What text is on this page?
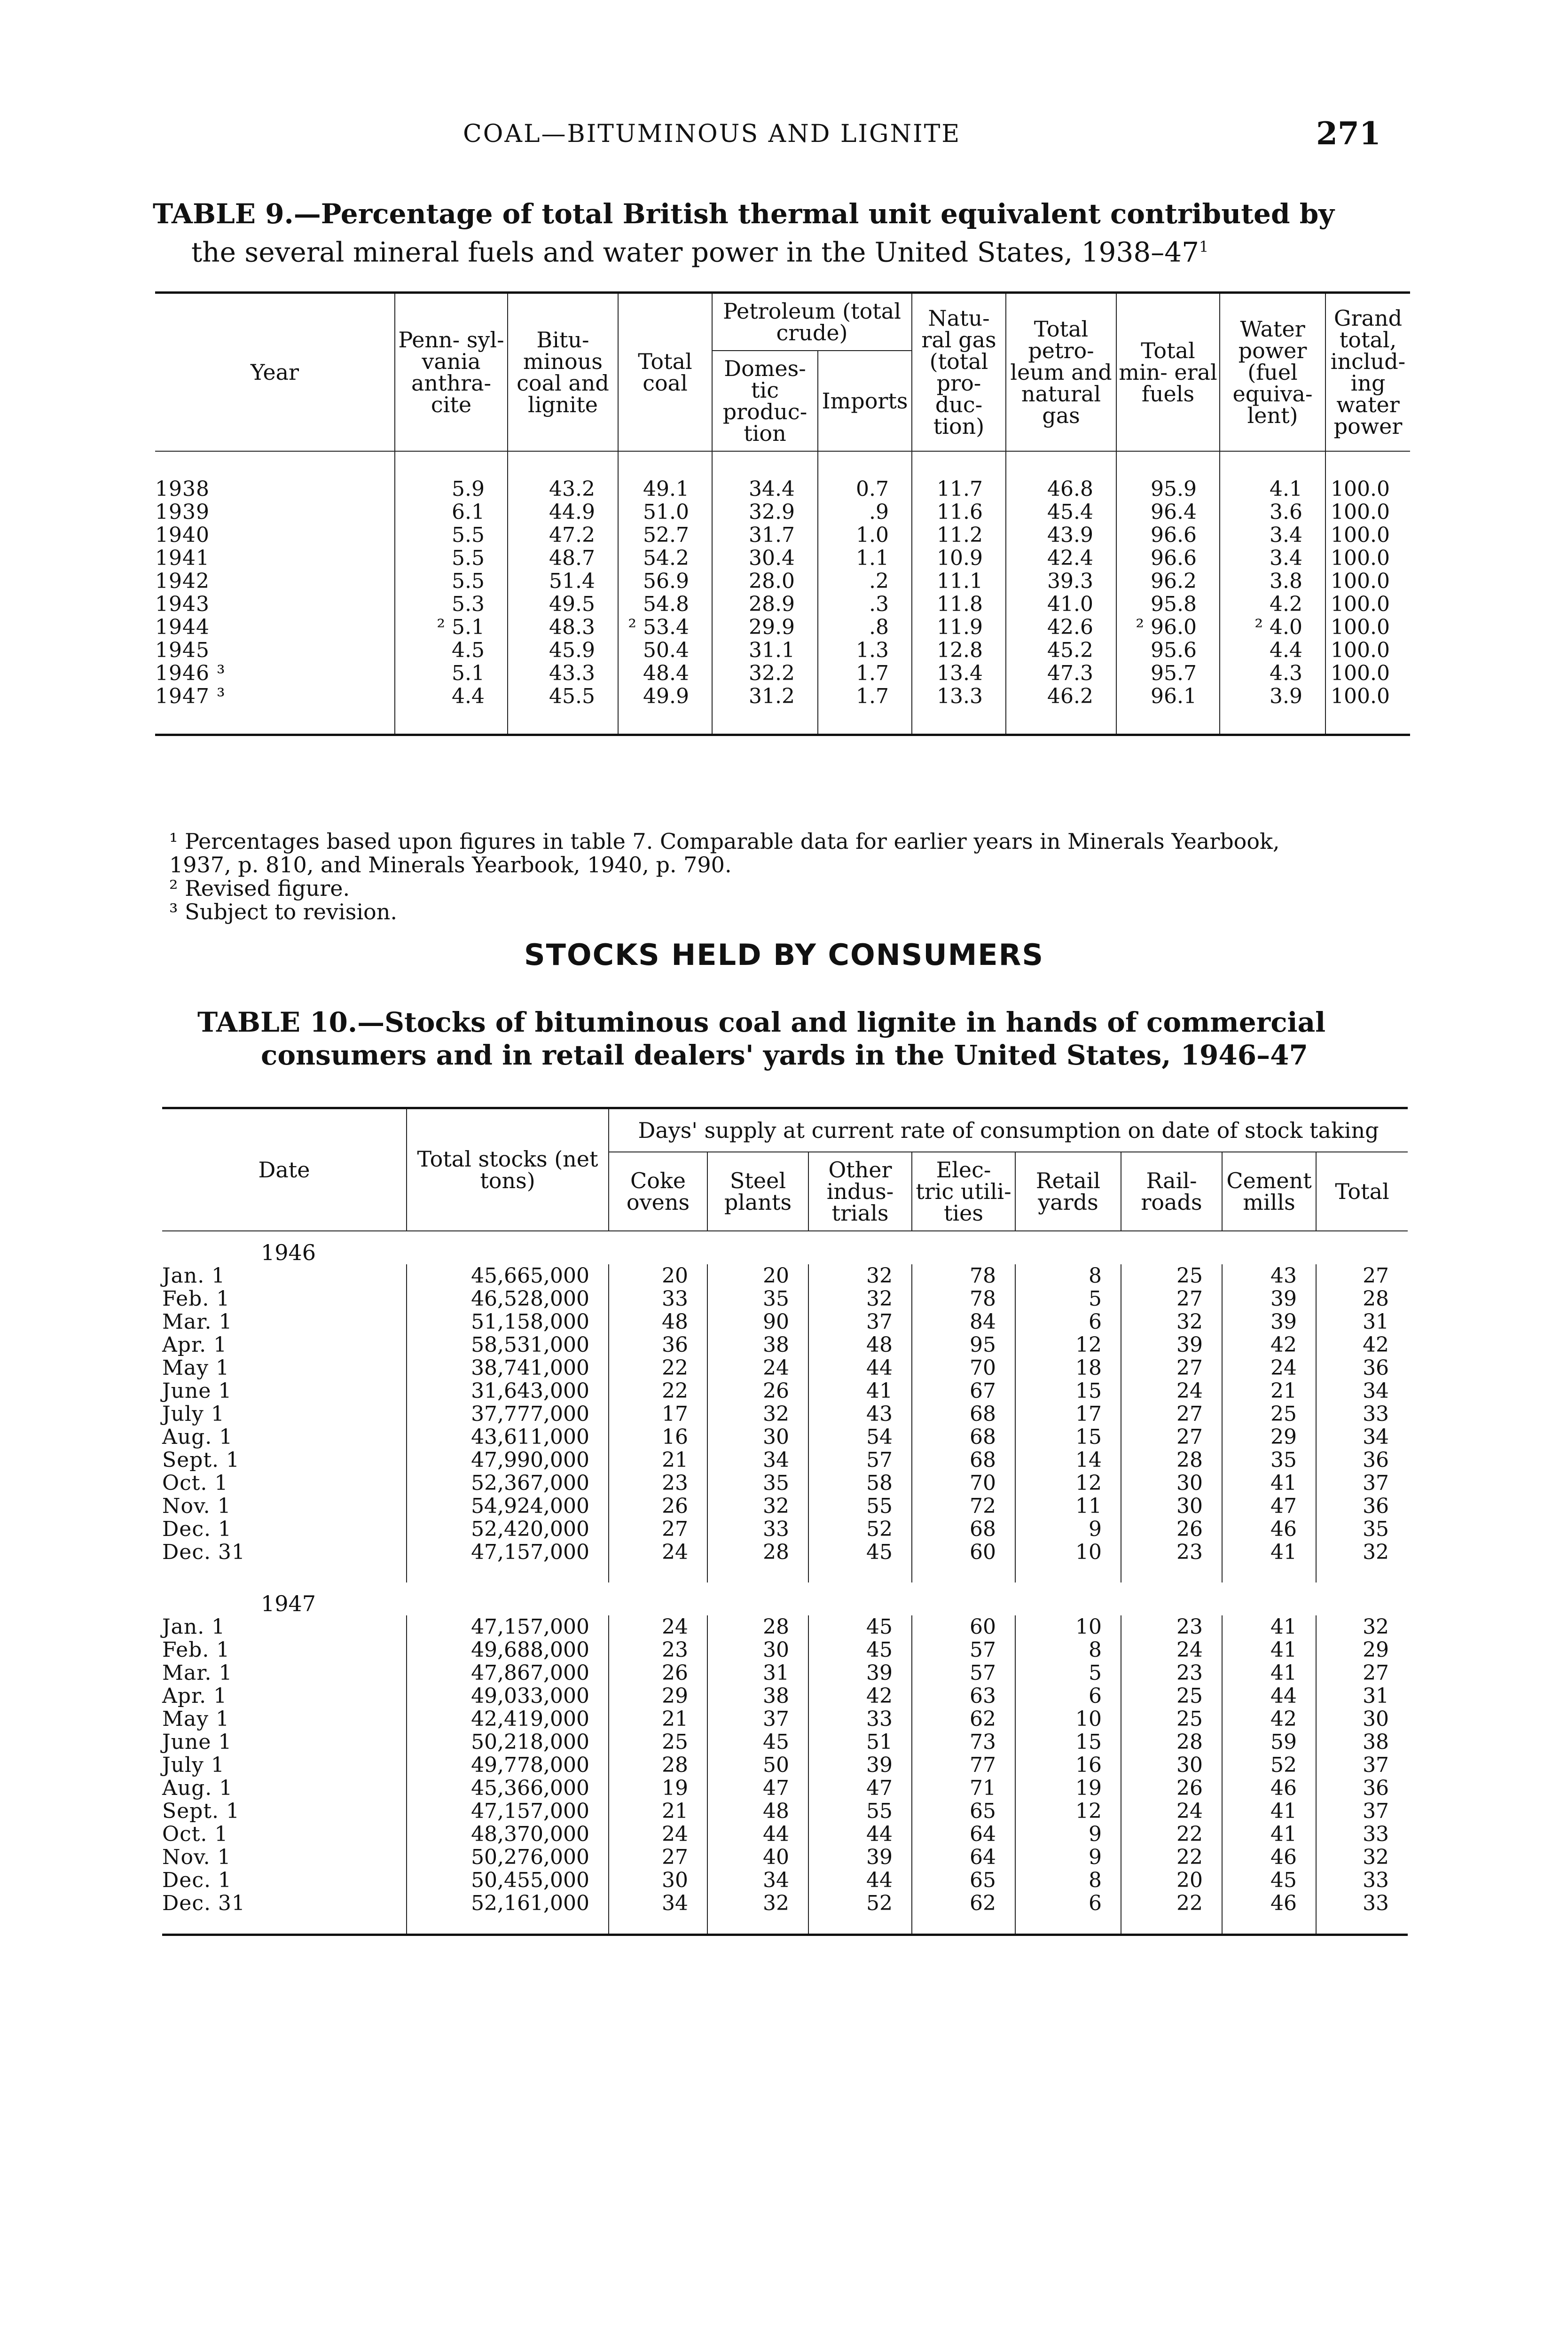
COAL—BITUMINOUS AND LIGNITE	271
TABLE 9.—Percentage of total British thermal unit equivalent contributed by
the several mineral fuels and water power in the United States, $1938-47^1$
Year	Penn- syl- vania anthra- cite	Bitu- minous coal and lignite	Total coal	Petroleum (total crude)		Natu- ral gas (total pro- duc- tion)	Total petro- leum and natural gas	Total min- eral fuels	Water power (fuel equiva- lent)	Grand total, includ- ing water power
				Domes- tic produc- tion	Imports					

1938	5.9	43.2	49.1	34.4	0.7	11.7	46.8	95.9	4.1	100.0
1939	6.1	44.9	51.0	32.9	.9	11.6	45.4	96.4	3.6	100.0
1940	5.5	47.2	52.7	31.7	1.0	11.2	43.9	96.6	3.4	100.0
1941	5.5	48.7	54.2	30.4	1.1	10.9	42.4	96.6	3.4	100.0
1942	5.5	51.4	56.9	28.0	.2	11.1	39.3	96.2	3.8	100.0
1943	5.3	49.5	54.8	28.9	.3	11.8	41.0	95.8	4.2	100.0
1944	² 5.1	48.3	² 53.4	29.9	.8	11.9	42.6	² 96.0	² 4.0	100.0
1945	4.5	45.9	50.4	31.1	1.3	12.8	45.2	95.6	4.4	100.0
1946 ³	5.1	43.3	48.4	32.2	1.7	13.4	47.3	95.7	4.3	100.0
1947 ³	4.4	45.5	49.9	31.2	1.7	13.3	46.2	96.1	3.9	100.0

¹ Percentages based upon figures in table 7. Comparable data for earlier years in Minerals Yearbook,

1937, p. 810, and Minerals Yearbook, 1940, p. 790.

² Revised figure.

³ Subject to revision.

STOCKS HELD BY CONSUMERS
TABLE 10.—Stocks of bituminous coal and lignite in hands of commercial
consumers and in retail dealers' yards in the United States, 1946–47
Date	Total stocks (net tons)	Days' supply at current rate of consumption on date of stock taking							
		Coke ovens	Steel plants	Other indus- trials	Elec- tric utili- ties	Retail yards	Rail- roads	Cement mills	Total
1946									
Jan. 1	45,665,000	20	20	32	78	8	25	43	27
Feb. 1	46,528,000	33	35	32	78	5	27	39	28
Mar. 1	51,158,000	48	90	37	84	6	32	39	31
Apr. 1	58,531,000	36	38	48	95	12	39	42	42
May 1	38,741,000	22	24	44	70	18	27	24	36
June 1	31,643,000	22	26	41	67	15	24	21	34
July 1	37,777,000	17	32	43	68	17	27	25	33
Aug. 1	43,611,000	16	30	54	68	15	27	29	34
Sept. 1	47,990,000	21	34	57	68	14	28	35	36
Oct. 1	52,367,000	23	35	58	70	12	30	41	37
Nov. 1	54,924,000	26	32	55	72	11	30	47	36
Dec. 1	52,420,000	27	33	52	68	9	26	46	35
Dec. 31	47,157,000	24	28	45	60	10	23	41	32

1947									
Jan. 1	47,157,000	24	28	45	60	10	23	41	32
Feb. 1	49,688,000	23	30	45	57	8	24	41	29
Mar. 1	47,867,000	26	31	39	57	5	23	41	27
Apr. 1	49,033,000	29	38	42	63	6	25	44	31
May 1	42,419,000	21	37	33	62	10	25	42	30
June 1	50,218,000	25	45	51	73	15	28	59	38
July 1	49,778,000	28	50	39	77	16	30	52	37
Aug. 1	45,366,000	19	47	47	71	19	26	46	36
Sept. 1	47,157,000	21	48	55	65	12	24	41	37
Oct. 1	48,370,000	24	44	44	64	9	22	41	33
Nov. 1	50,276,000	27	40	39	64	9	22	46	32
Dec. 1	50,455,000	30	34	44	65	8	20	45	33
Dec. 31	52,161,000	34	32	52	62	6	22	46	33
